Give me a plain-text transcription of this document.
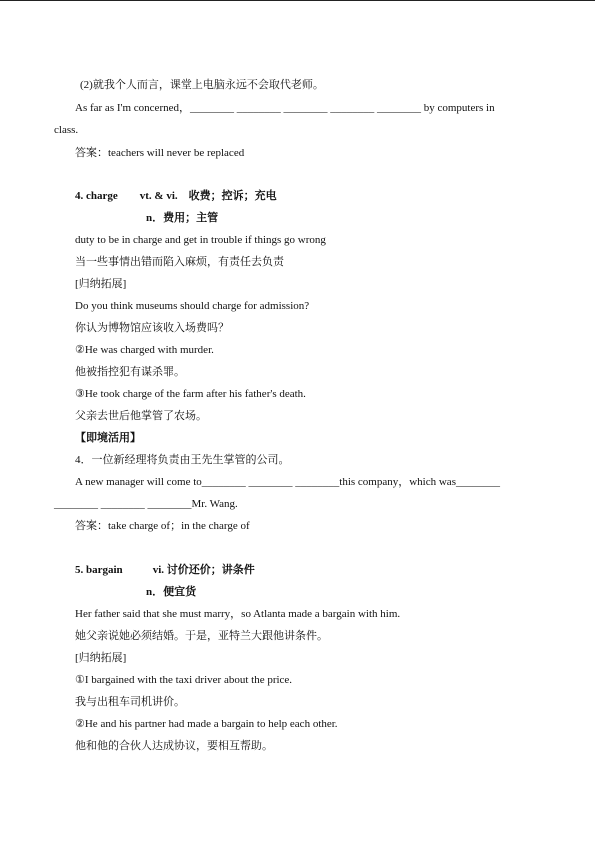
(2)就我个人而言，课堂上电脑永远不会取代老师。
As far as I'm concerned，________ ________ ________ ________ ________ by computers in
class.
答案：teachers will never be replaced
4. charge vt. & vi. 收费；控诉；充电
n．费用；主管
duty to be in charge and get in trouble if things go wrong
当一些事情出错而陷入麻烦，有责任去负责
[归纳拓展]
Do you think museums should charge for admission?
你认为博物馆应该收入场费吗？
②He was charged with murder.
他被指控犯有谋杀罪。
③He took charge of the farm after his father's death.
父亲去世后他掌管了农场。
【即境活用】
4．一位新经理将负责由王先生掌管的公司。
A new manager will come to________ ________ ________this company，which was________
________ ________ ________Mr. Wang.
答案：take charge of；in the charge of
5. bargain	vi. 讨价还价；讲条件
n．便宜货
Her father said that she must marry，so Atlanta made a bargain with him.
她父亲说她必须结婚。于是，亚特兰大跟他讲条件。
[归纳拓展]
①I bargained with the taxi driver about the price.
我与出租车司机讲价。
②He and his partner had made a bargain to help each other.
他和他的合伙人达成协议，要相互帮助。
